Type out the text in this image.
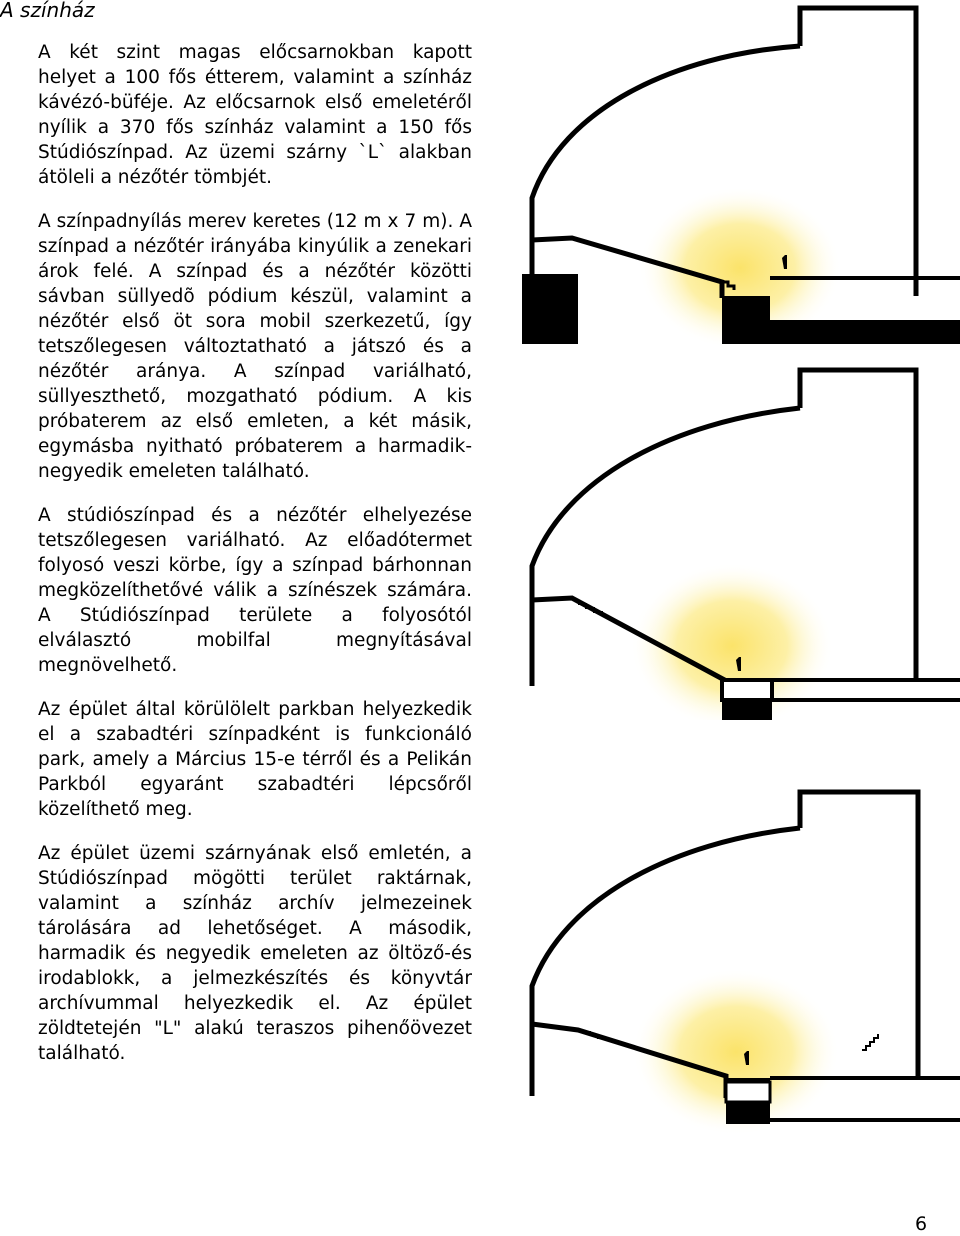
A színház

A két szint magas előcsarnokban kapott helyet a 100 fős étterem, valamint a színház kávézó-büféje. Az előcsarnok első emeletéről nyílik a 370 fős színház valamint a 150 fős Stúdiószínpad. Az üzemi szárny `L` alakban átöleli a nézőtér tömbjét.

A színpadnyílás merev keretes (12 m x 7 m). A színpad a nézőtér irányába kinyúlik a zenekari árok felé. A színpad és a nézőtér közötti sávban süllyedõ pódium készül, valamint a nézőtér első öt sora mobil szerkezetű, így tetszőlegesen változtatható a játszó és a nézőtér aránya. A színpad variálható, süllyeszthető, mozgatható pódium. A kis próbaterem az első emleten, a két másik, egymásba nyitható próbaterem a harmadik-negyedik emeleten található.

A stúdiószínpad és a nézőtér elhelyezése tetszőlegesen variálható. Az előadótermet folyosó veszi körbe, így a színpad bárhonnan megközelíthetővé válik a színészek számára. A Stúdiószínpad területe a folyosótól elválasztó mobilfal megnyításával megnövelhető.

Az épület által körülölelt parkban helyezkedik el a szabadtéri színpadként is funkcionáló park, amely a Március 15-e térről és a Pelikán Parkból egyaránt szabadtéri lépcsőről közelíthető meg.

Az épület üzemi szárnyának első emletén, a Stúdiószínpad mögötti terület raktárnak, valamint a színház archív jelmezeinek tárolására ad lehetőséget. A második, harmadik és negyedik emeleten az öltöző-és irodablokk, a jelmezkészítés és könyvtár archívummal helyezkedik el. Az épület zöldtetején "L" alakú teraszos pihenőövezet található.

6
